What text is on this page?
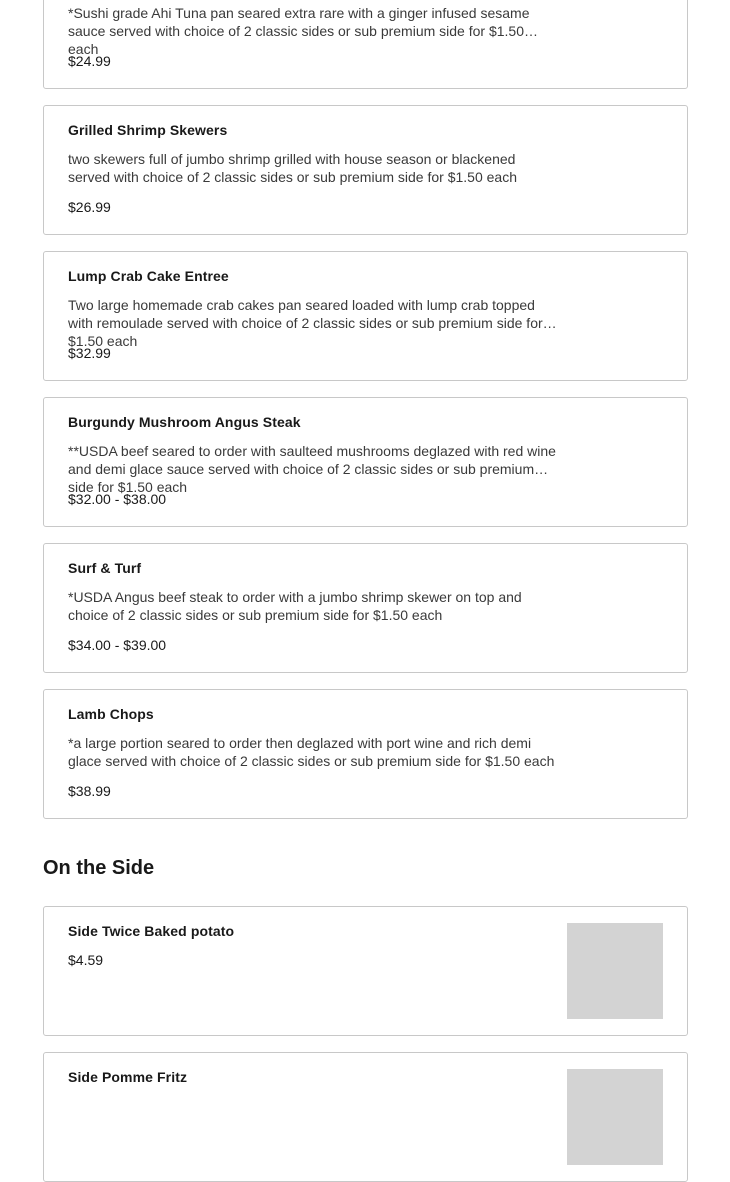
*Sushi grade Ahi Tuna pan seared extra rare with a ginger infused sesame sauce served with choice of 2 classic sides or sub premium side for $1.50 each
$24.99
Grilled Shrimp Skewers
two skewers full of jumbo shrimp grilled with house season or blackened served with choice of 2 classic sides or sub premium side for $1.50 each
$26.99
Lump Crab Cake Entree
Two large homemade crab cakes pan seared loaded with lump crab topped with remoulade served with choice of 2 classic sides or sub premium side for $1.50 each
$32.99
Burgundy Mushroom Angus Steak
**USDA beef seared to order with saulteed mushrooms deglazed with red wine and demi glace sauce served with choice of 2 classic sides or sub premium side for $1.50 each
$32.00 - $38.00
Surf & Turf
*USDA Angus beef steak to order with a jumbo shrimp skewer on top and choice of 2 classic sides or sub premium side for $1.50 each
$34.00 - $39.00
Lamb Chops
*a large portion seared to order then deglazed with port wine and rich demi glace served with choice of 2 classic sides or sub premium side for $1.50 each
$38.99
On the Side
Side Twice Baked potato
$4.59
Side Pomme Fritz
